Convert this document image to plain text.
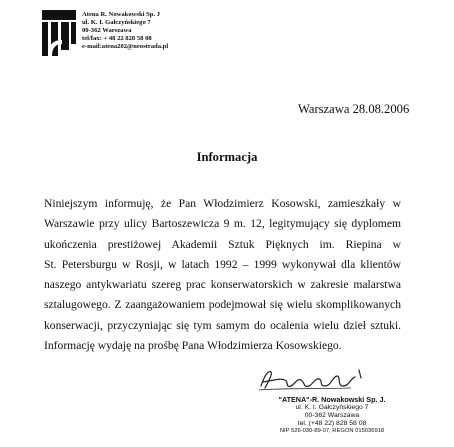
Atena R. Nowakowski Sp. J
ul. K. I. Gałczyńskiego 7
00-362 Warszawa
tel/fax: + 48 22 828 58 08
e-mail:atena202@neostrada.pl
Warszawa 28.08.2006
Informacja
Niniejszym informuję, że Pan Włodzimierz Kosowski, zamieszkały w
Warszawie przy ulicy Bartoszewicza 9 m. 12, legitymujący się dyplomem
ukończenia prestiżowej Akademii Sztuk Pięknych im. Riepina w
St. Petersburgu w Rosji, w latach 1992 – 1999 wykonywał dla klientów
naszego antykwariatu szereg prac konserwatorskich w zakresie malarstwa
sztalugowego. Z zaangażowaniem podejmował się wielu skomplikowanych
konserwacji, przyczyniając się tym samym do ocalenia wielu dzieł sztuki.
Informację wydaję na prośbę Pana Włodzimierza Kosowskiego.
"ATENA"-R. Nowakowski Sp. J.
ul. K. I. Gałczyńskiego 7
00-362 Warszawa
tel. (+48 22) 828 58 08
NIP 526-030-89-07, REGON 015036918
